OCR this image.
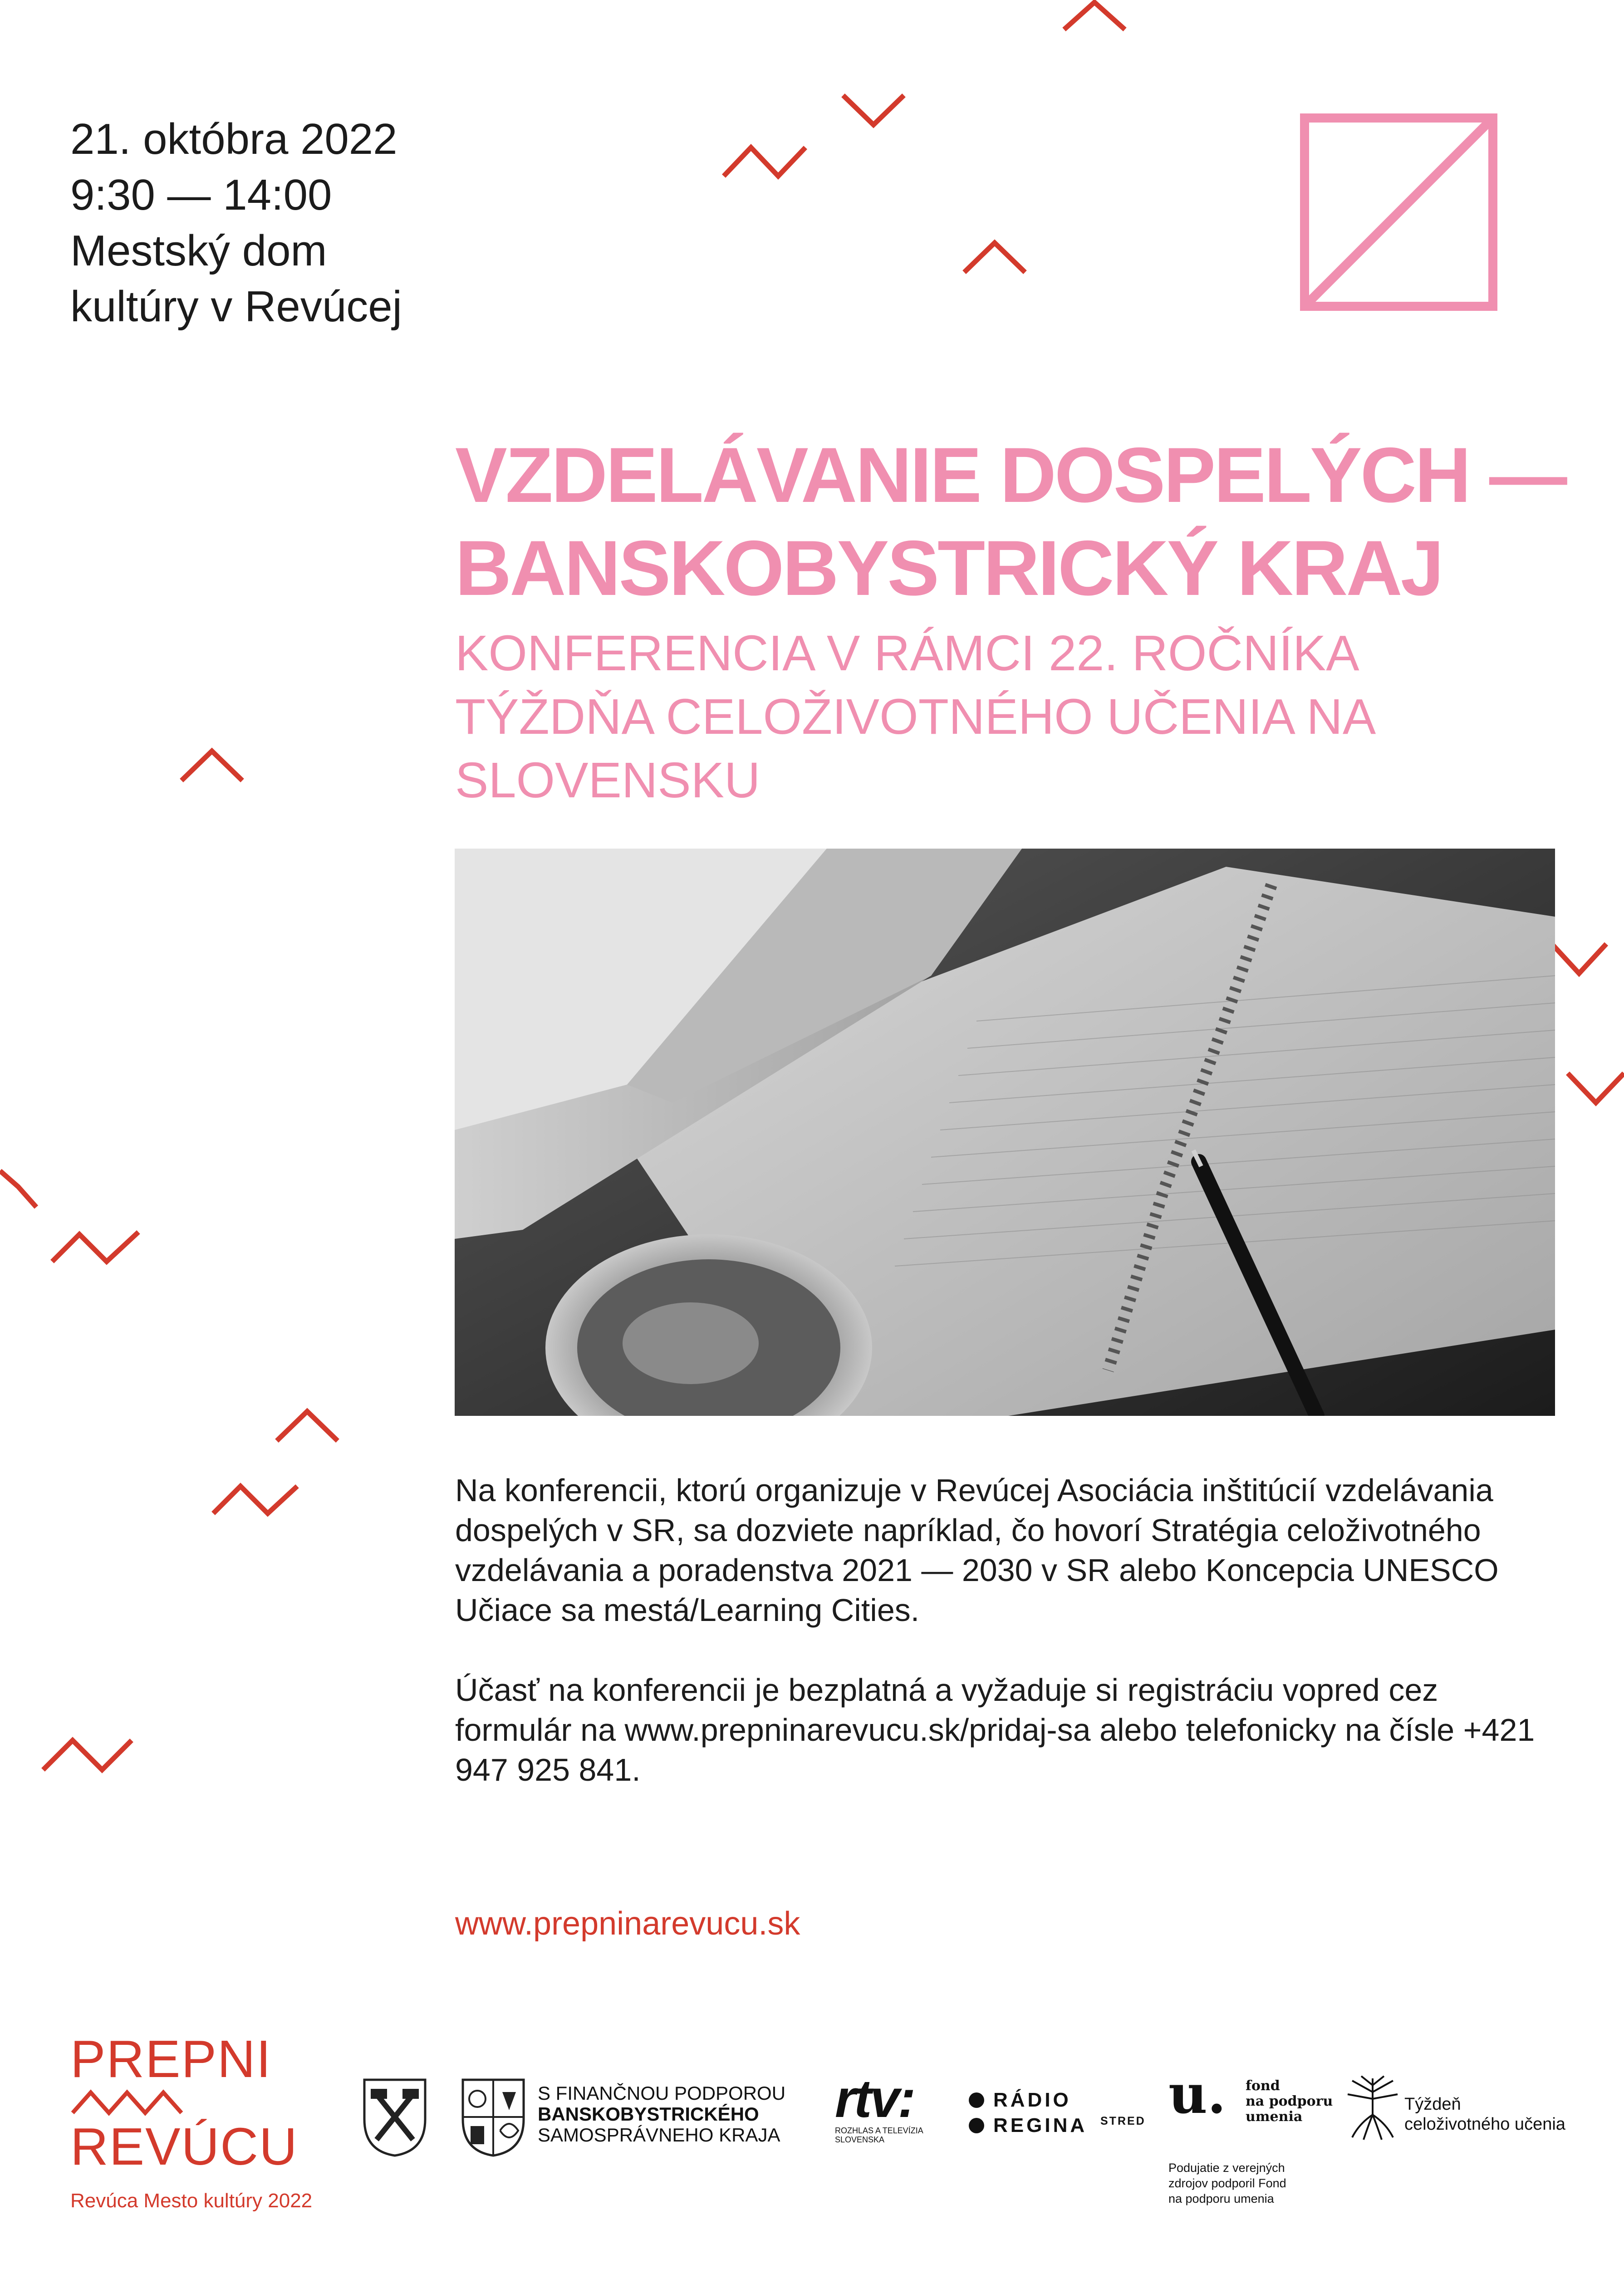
21. októbra 2022
9:30 — 14:00
Mestský dom
kultúry v Revúcej
VZDELÁVANIE DOSPELÝCH —
BANSKOBYSTRICKÝ KRAJ
KONFERENCIA V RÁMCI 22. ROČNÍKA TÝŽDŇA CELOŽIVOTNÉHO UČENIA NA SLOVENSKU

Na konferencii, ktorú organizuje v Revúcej Asociácia inštitúcií vzdelávania dospelých v SR, sa dozviete napríklad, čo hovorí Stratégia celoživotného vzdelávania a poradenstva 2021 — 2030 v SR alebo Koncepcia UNESCO Učiace sa mestá/Learning Cities.

Účasť na konferencii je bezplatná a vyžaduje si registráciu vopred cez formulár na www.prepninarevucu.sk/pridaj-sa alebo telefonicky na čísle +421 947 925 841.

www.prepninarevucu.sk
PREPNI
REVÚCU
Revúca Mesto kultúry 2022
S FINANČNOU PODPOROU
BANSKOBYSTRICKÉHO
SAMOSPRÁVNEHO KRAJA
rtv:
ROZHLAS A TELEVÍZIA
SLOVENSKA
RÁDIO
REGINA STRED u. fond
na podporu
umenia
Podujatie z verejných
zdrojov podporil Fond
na podporu umenia
Týždeň
celoživotného učenia
